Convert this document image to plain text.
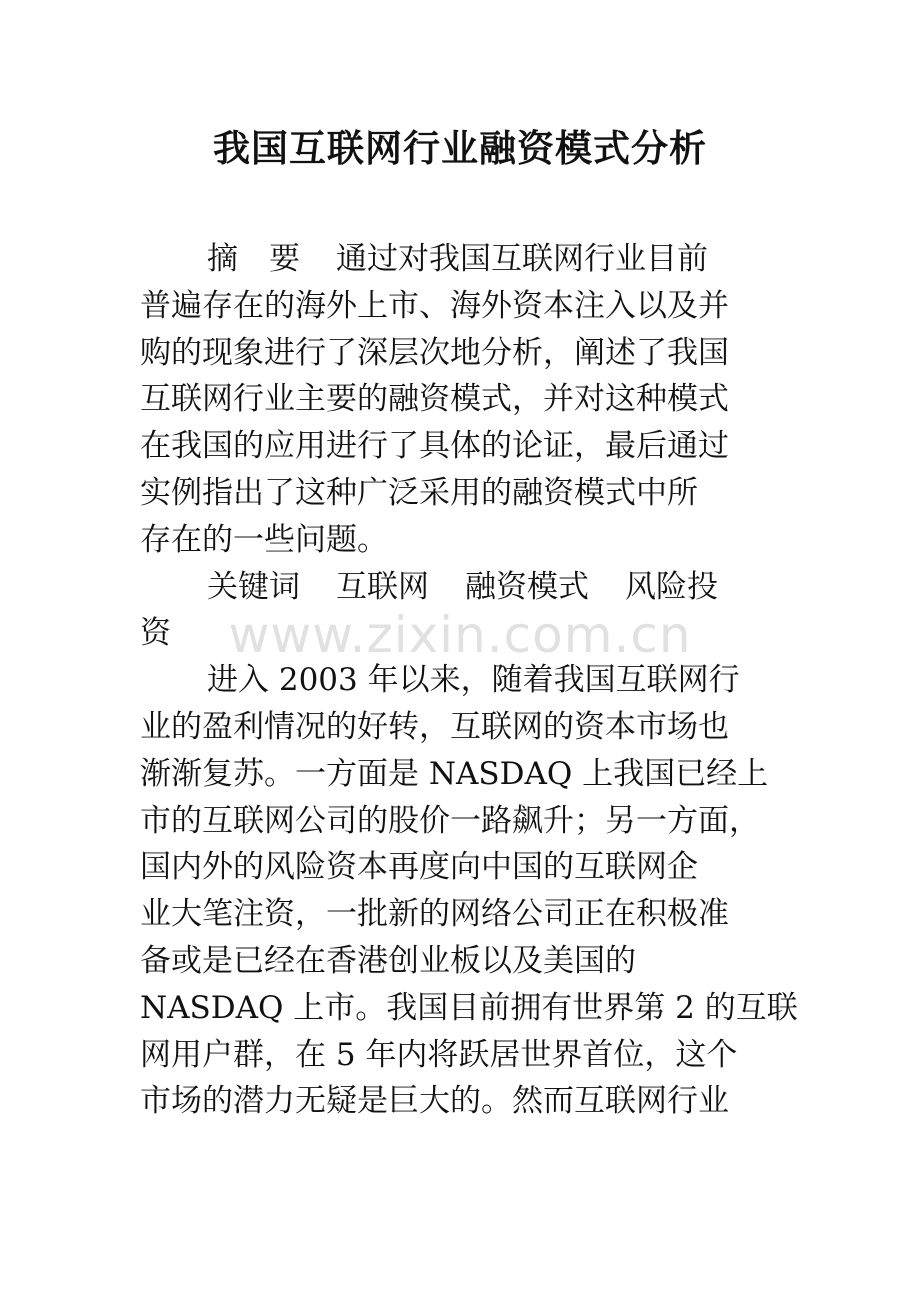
我国互联网行业融资模式分析
摘　要 通过对我国互联网行业目前
普遍存在的海外上市、海外资本注入以及并
购的现象进行了深层次地分析，阐述了我国
互联网行业主要的融资模式，并对这种模式
在我国的应用进行了具体的论证，最后通过
实例指出了这种广泛采用的融资模式中所
存在的一些问题。
关键词 互联网 融资模式 风险投
资
进入 2003 年以来，随着我国互联网行
业的盈利情况的好转，互联网的资本市场也
渐渐复苏。一方面是 NASDAQ 上我国已经上
市的互联网公司的股价一路飙升；另一方面，
国内外的风险资本再度向中国的互联网企
业大笔注资，一批新的网络公司正在积极准
备或是已经在香港创业板以及美国的
NASDAQ 上市。我国目前拥有世界第 2 的互联
网用户群，在 5 年内将跃居世界首位，这个
市场的潜力无疑是巨大的。然而互联网行业
www.zixin.com.cn
